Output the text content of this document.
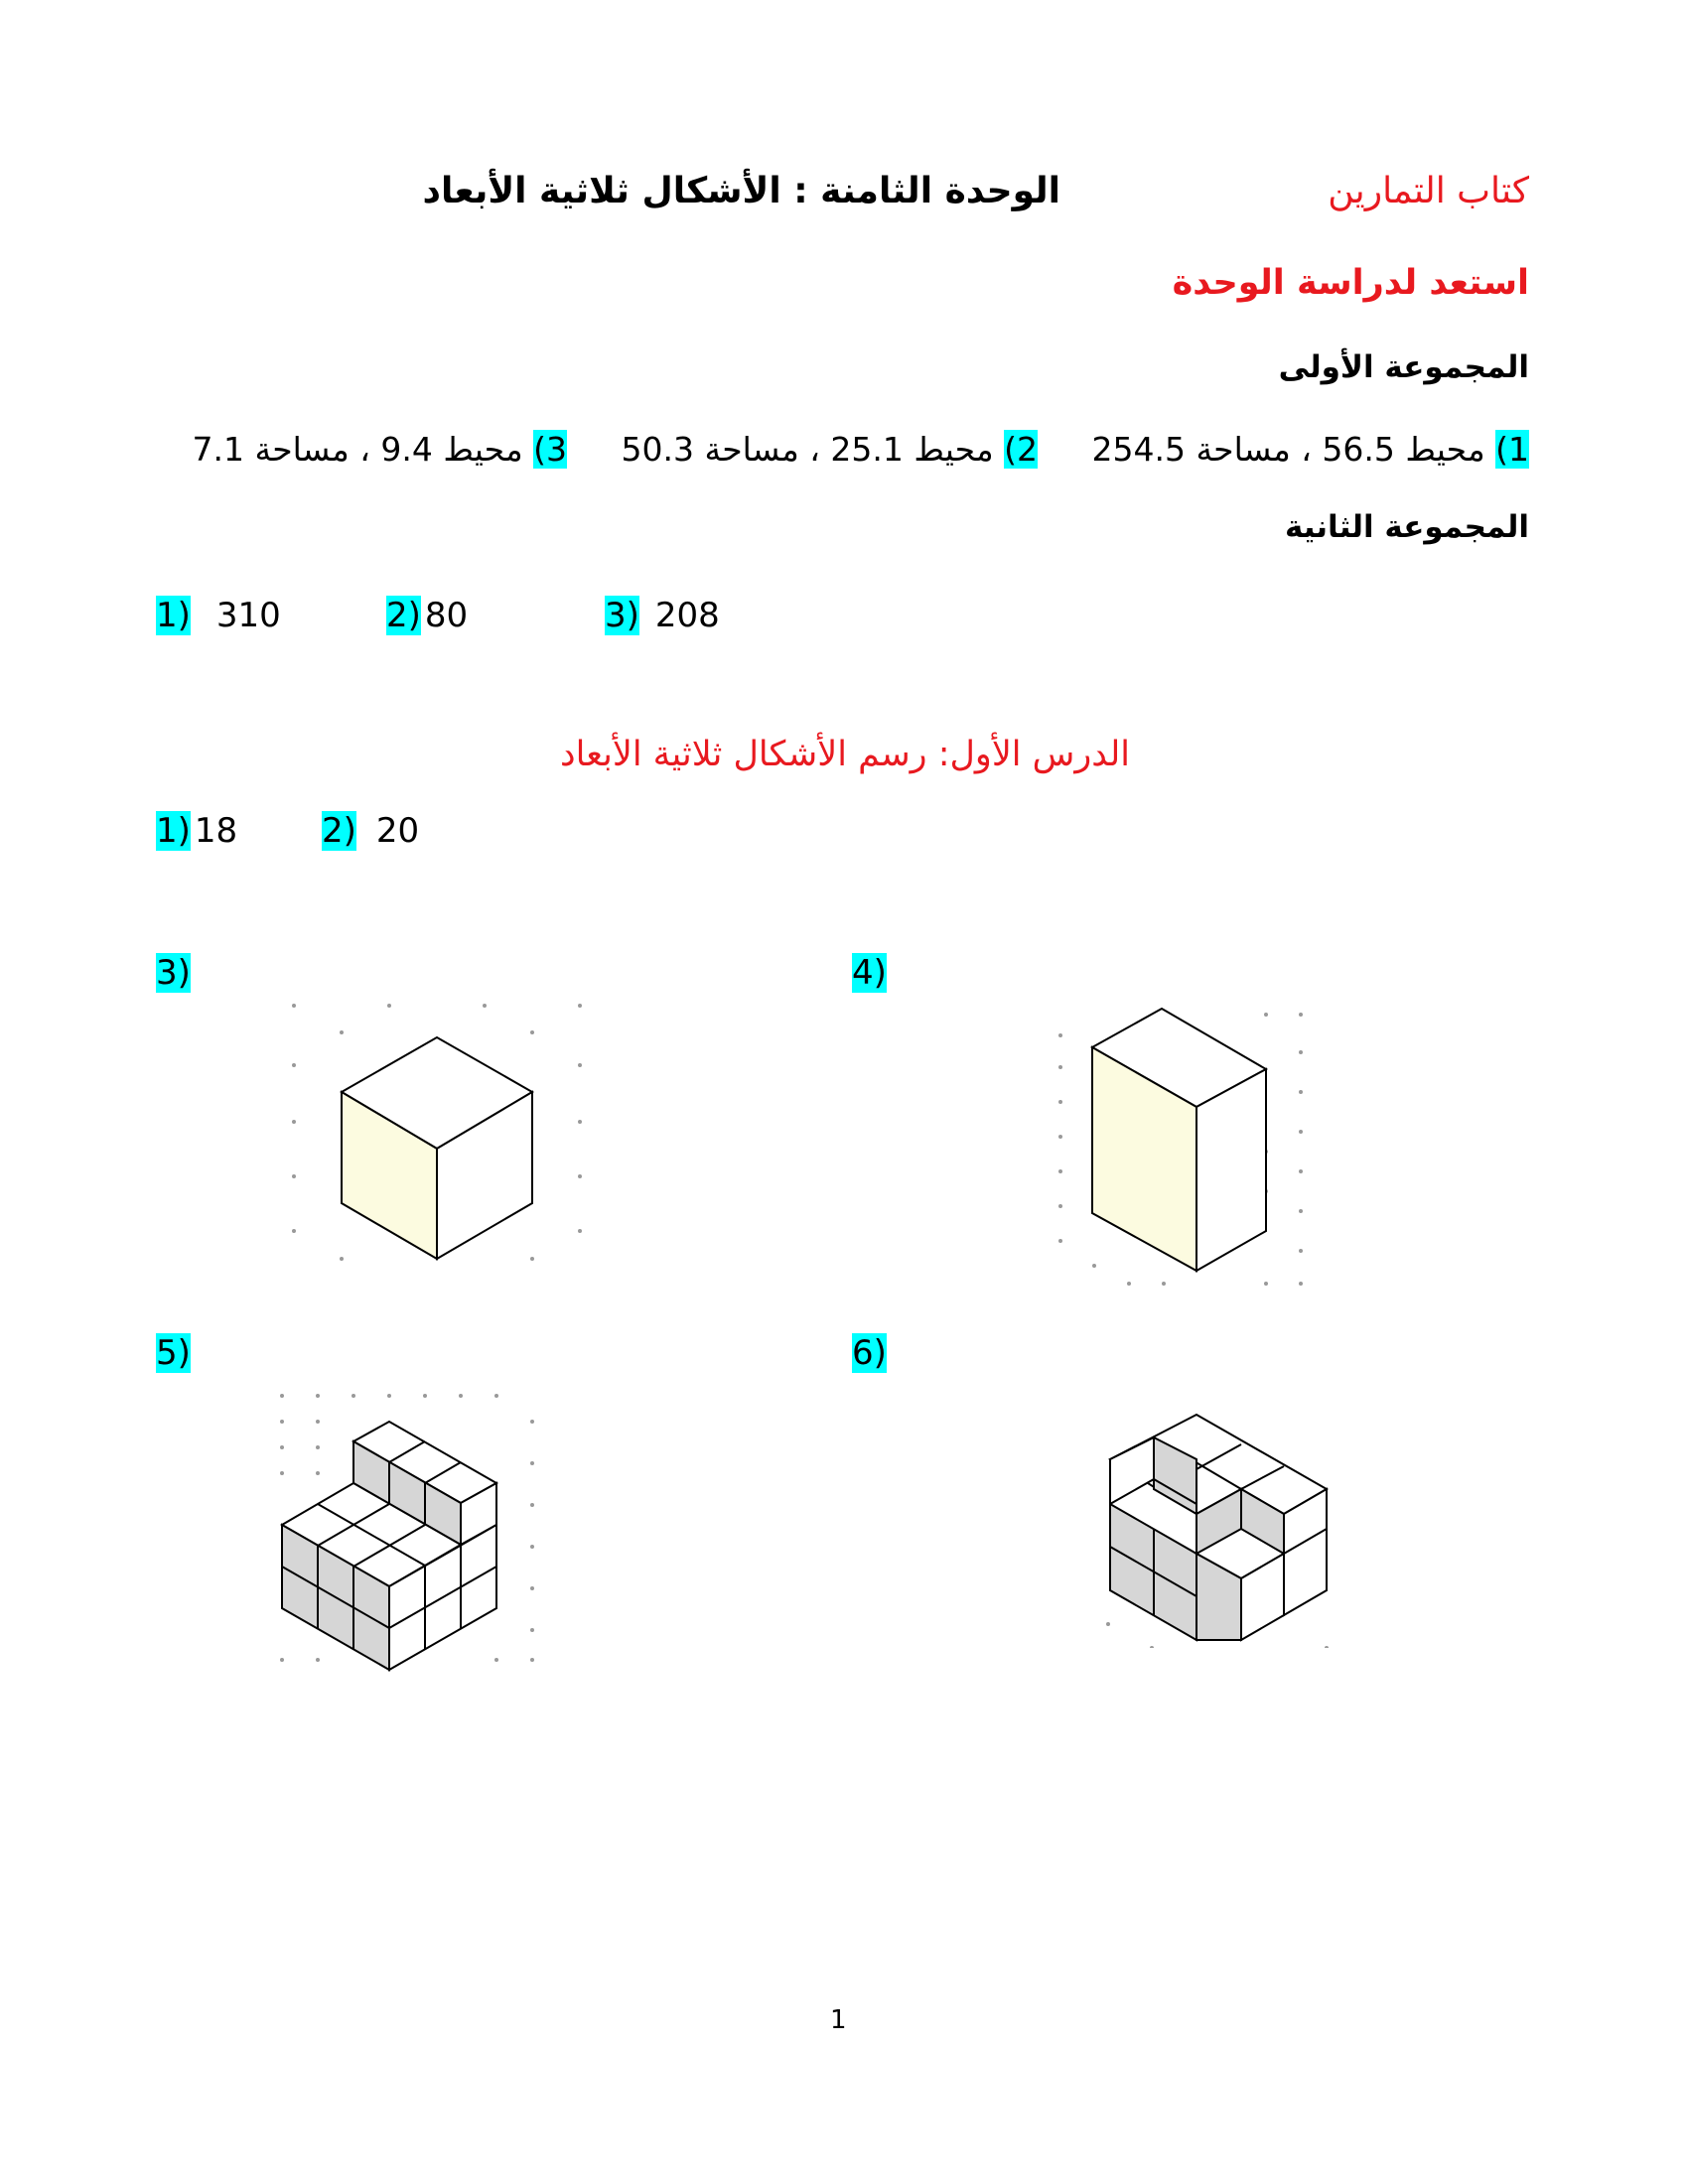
كتاب التمارين
الوحدة الثامنة : الأشكال ثلاثية الأبعاد
استعد لدراسة الوحدة
المجموعة الأولى
1) محيط 56.5 ، مساحة 254.5 2) محيط 25.1 ، مساحة 50.3 3) محيط 9.4 ، مساحة 7.1
المجموعة الثانية
1) 310	2) 80	3) 208
الدرس الأول: رسم الأشكال ثلاثية الأبعاد
1) 18 2) 20
3)	4)
5)	6)
1
